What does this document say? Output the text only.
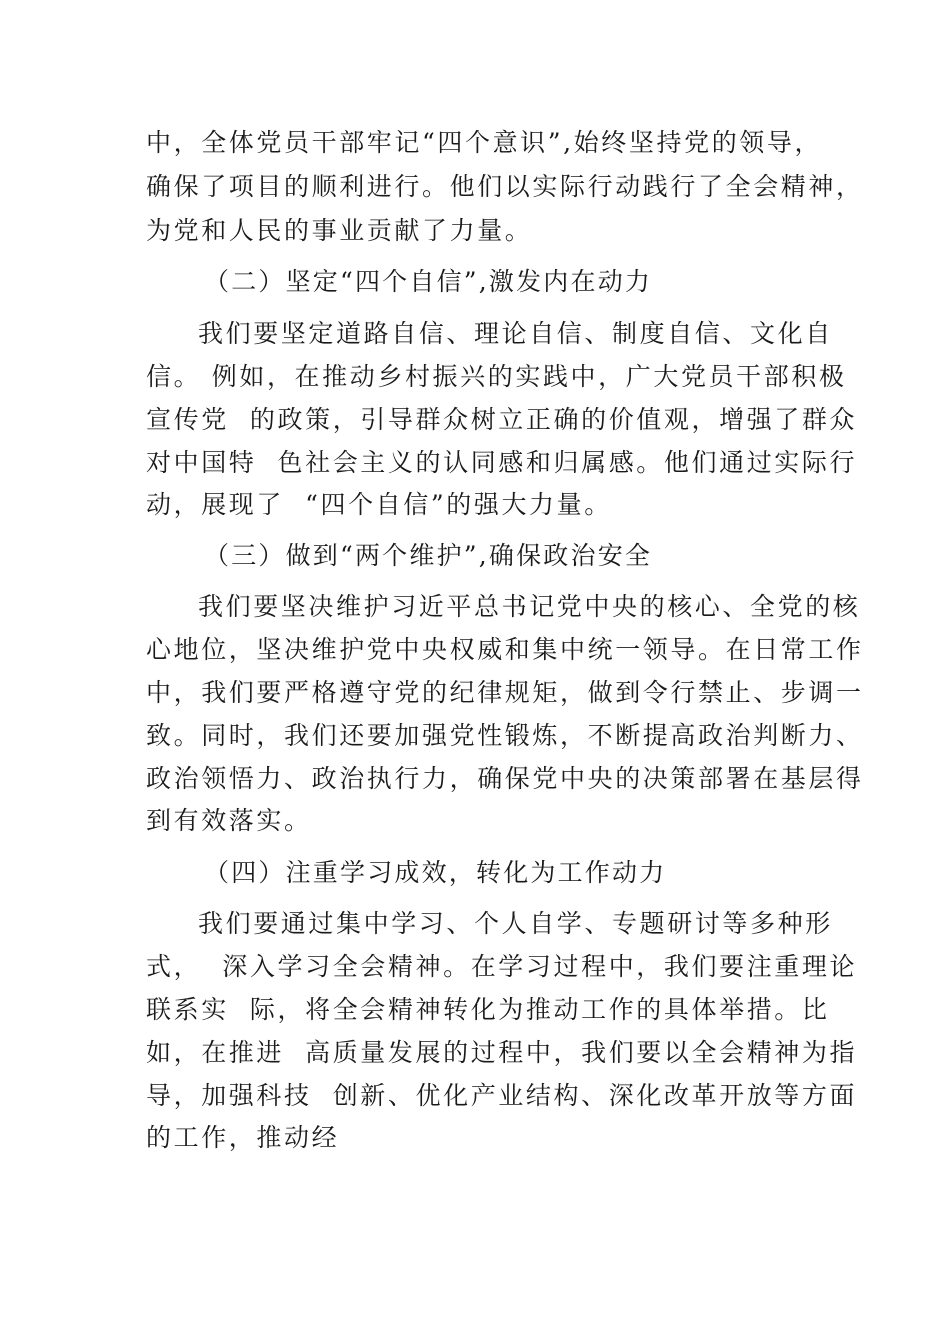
中，全体党员干部牢记“四个意识”,始终坚持党的领导，
确保了项目的顺利进行。他们以实际行动践行了全会精神，
为党和人民的事业贡献了力量。
（二）坚定“四个自信”,激发内在动力
我们要坚定道路自信、理论自信、制度自信、文化自
信。 例如，在推动乡村振兴的实践中，广大党员干部积极
宣传党  的政策，引导群众树立正确的价值观，增强了群众
对中国特  色社会主义的认同感和归属感。他们通过实际行
动，展现了  “四个自信”的强大力量。
（三）做到“两个维护”,确保政治安全
我们要坚决维护习近平总书记党中央的核心、全党的核
心地位，坚决维护党中央权威和集中统一领导。在日常工作
中，我们要严格遵守党的纪律规矩，做到令行禁止、步调一
致。同时，我们还要加强党性锻炼，不断提高政治判断力、
政治领悟力、政治执行力，确保党中央的决策部署在基层得
到有效落实。
（四）注重学习成效，转化为工作动力
我们要通过集中学习、个人自学、专题研讨等多种形
式，  深入学习全会精神。在学习过程中，我们要注重理论
联系实  际，将全会精神转化为推动工作的具体举措。比
如，在推进  高质量发展的过程中，我们要以全会精神为指
导，加强科技  创新、优化产业结构、深化改革开放等方面
的工作，推动经
